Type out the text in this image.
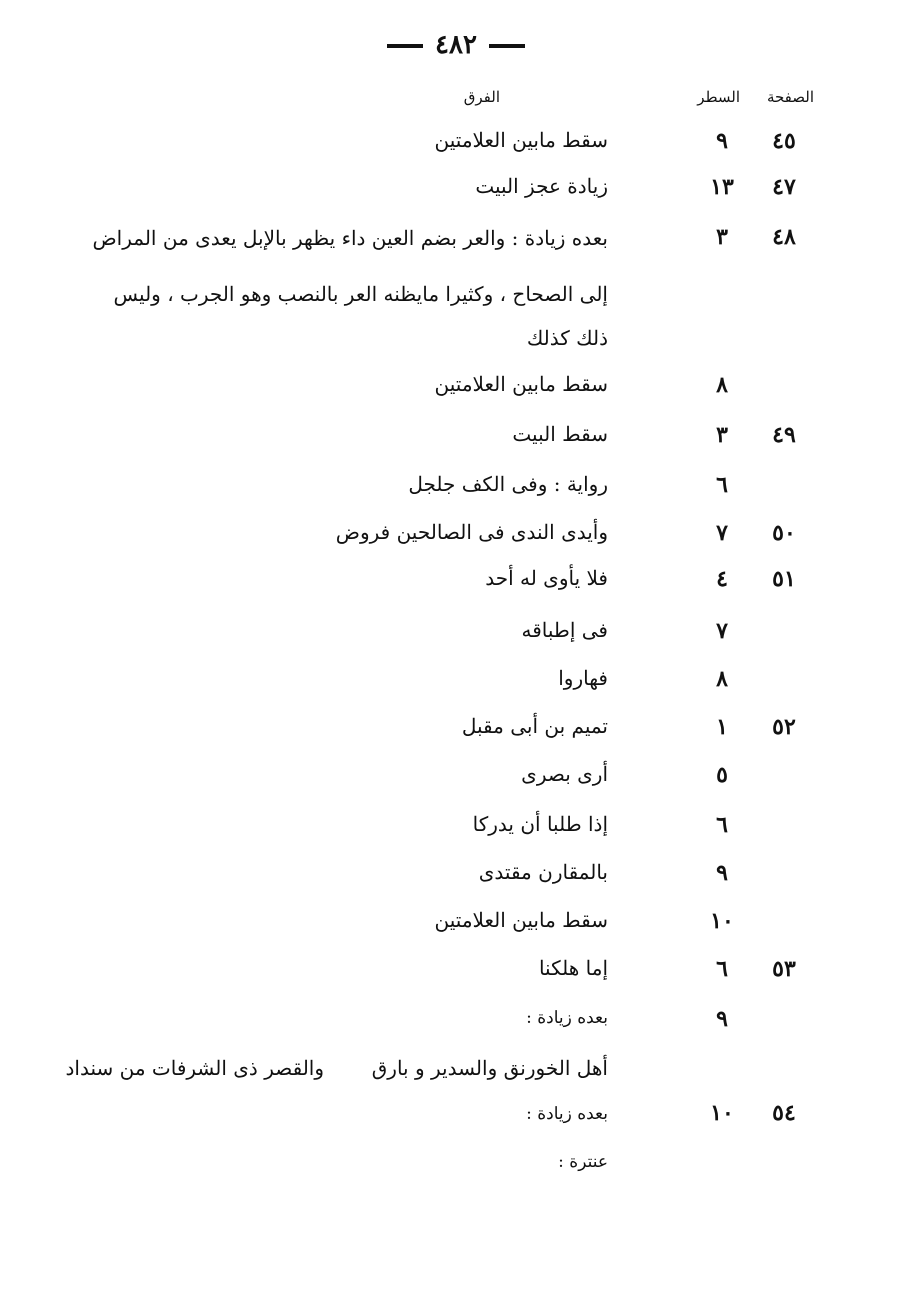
٤٨٢
الصفحة
السطر
الفرق
٤٥
٩
سقط مابين العلامتين
٤٧
١٣
زيادة عجز البيت
٤٨
٣
بعده زيادة : والعر بضم العين داء يظهر بالإبل يعدى من المراض
إلى الصحاح ، وكثيرا مايظنه العر بالنصب وهو الجرب ، وليس
ذلك كذلك
٨
سقط مابين العلامتين
٤٩
٣
سقط البيت
٦
رواية : وفى الكف جلجل
٥٠
٧
وأيدى الندى فى الصالحين فروض
٥١
٤
فلا يأوى له أحد
٧
فى إطباقه
٨
فهاروا
٥٢
١
تميم بن أبى مقبل
٥
أرى بصرى
٦
إذا طلبا أن يدركا
٩
بالمقارن مقتدى
١٠
سقط مابين العلامتين
٥٣
٦
إما هلكنا
٩
بعده زيادة :
أهل الخورنق والسدير و بارق
والقصر ذى الشرفات من سنداد
٥٤
١٠
بعده زيادة :
عنترة :
